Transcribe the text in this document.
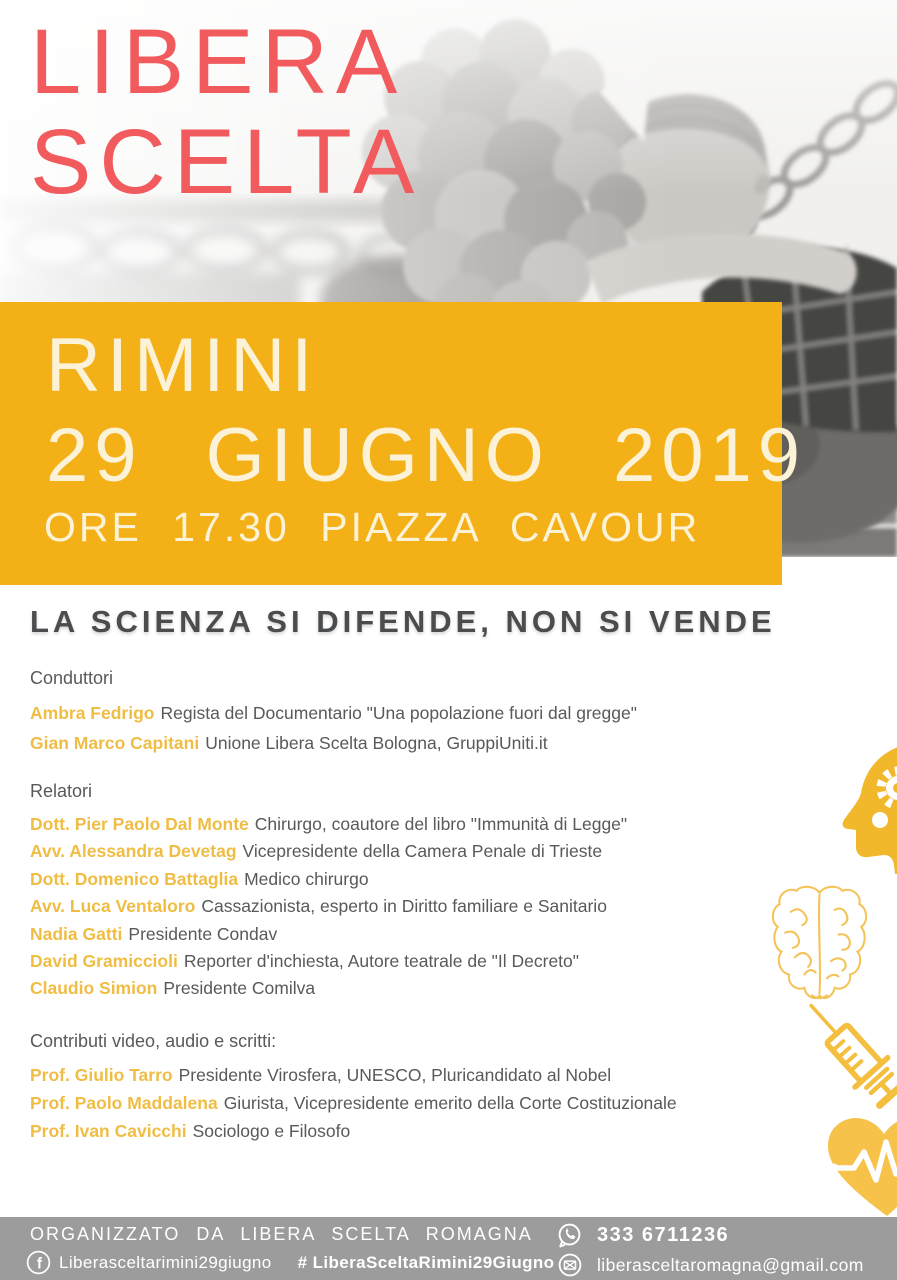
LIBERA
SCELTA
RIMINI
29 GIUGNO 2019
ORE 17.30 PIAZZA CAVOUR
LA SCIENZA SI DIFENDE, NON SI VENDE
Conduttori
Ambra Fedrigo Regista del Documentario "Una popolazione fuori dal gregge"
Gian Marco Capitani Unione Libera Scelta Bologna, GruppiUniti.it
Relatori
Dott. Pier Paolo Dal Monte Chirurgo, coautore del libro "Immunità di Legge"
Avv. Alessandra Devetag Vicepresidente della Camera Penale di Trieste
Dott. Domenico Battaglia Medico chirurgo
Avv. Luca Ventaloro Cassazionista, esperto in Diritto familiare e Sanitario
Nadia Gatti Presidente Condav
David Gramiccioli Reporter d'inchiesta, Autore teatrale de "Il Decreto"
Claudio Simion Presidente Comilva
Contributi video, audio e scritti:
Prof. Giulio Tarro Presidente Virosfera, UNESCO, Pluricandidato al Nobel
Prof. Paolo Maddalena Giurista, Vicepresidente emerito della Corte Costituzionale
Prof. Ivan Cavicchi Sociologo e Filosofo
ORGANIZZATO DA LIBERA SCELTA ROMAGNA
f Liberasceltarimini29giugno # LiberaSceltaRimini29Giugno
333 6711236
liberasceltaromagna@gmail.com
